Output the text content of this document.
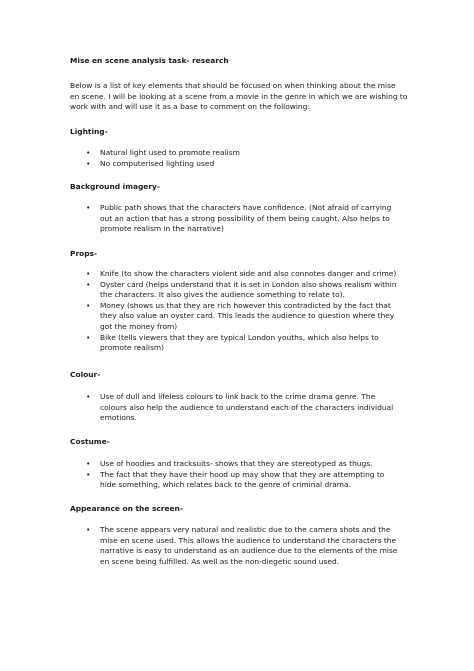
Mise en scene analysis task- research
Below is a list of key elements that should be focused on when thinking about the mise
en scene. I will be looking at a scene from a movie in the genre in which we are wishing to
work with and will use it as a base to comment on the following:
Lighting-
• Natural light used to promote realism
• No computerised lighting used
Background imagery-
• Public path shows that the characters have confidence. (Not afraid of carrying
out an action that has a strong possibility of them being caught. Also helps to
promote realism in the narrative)
Props-
• Knife (to show the characters violent side and also connotes danger and crime)
• Oyster card (helps understand that it is set in London also shows realism within
the characters. It also gives the audience something to relate to).
• Money (shows us that they are rich however this contradicted by the fact that
they also value an oyster card. This leads the audience to question where they
got the money from)
• Bike (tells viewers that they are typical London youths, which also helps to
promote realism)
Colour-
• Use of dull and lifeless colours to link back to the crime drama genre. The
colours also help the audience to understand each of the characters individual
emotions.
Costume-
• Use of hoodies and tracksuits- shows that they are stereotyped as thugs.
• The fact that they have their hood up may show that they are attempting to
hide something, which relates back to the genre of criminal drama.
Appearance on the screen-
• The scene appears very natural and realistic due to the camera shots and the
mise en scene used. This allows the audience to understand the characters the
narrative is easy to understand as an audience due to the elements of the mise
en scene being fulfilled. As well as the non-diegetic sound used.
